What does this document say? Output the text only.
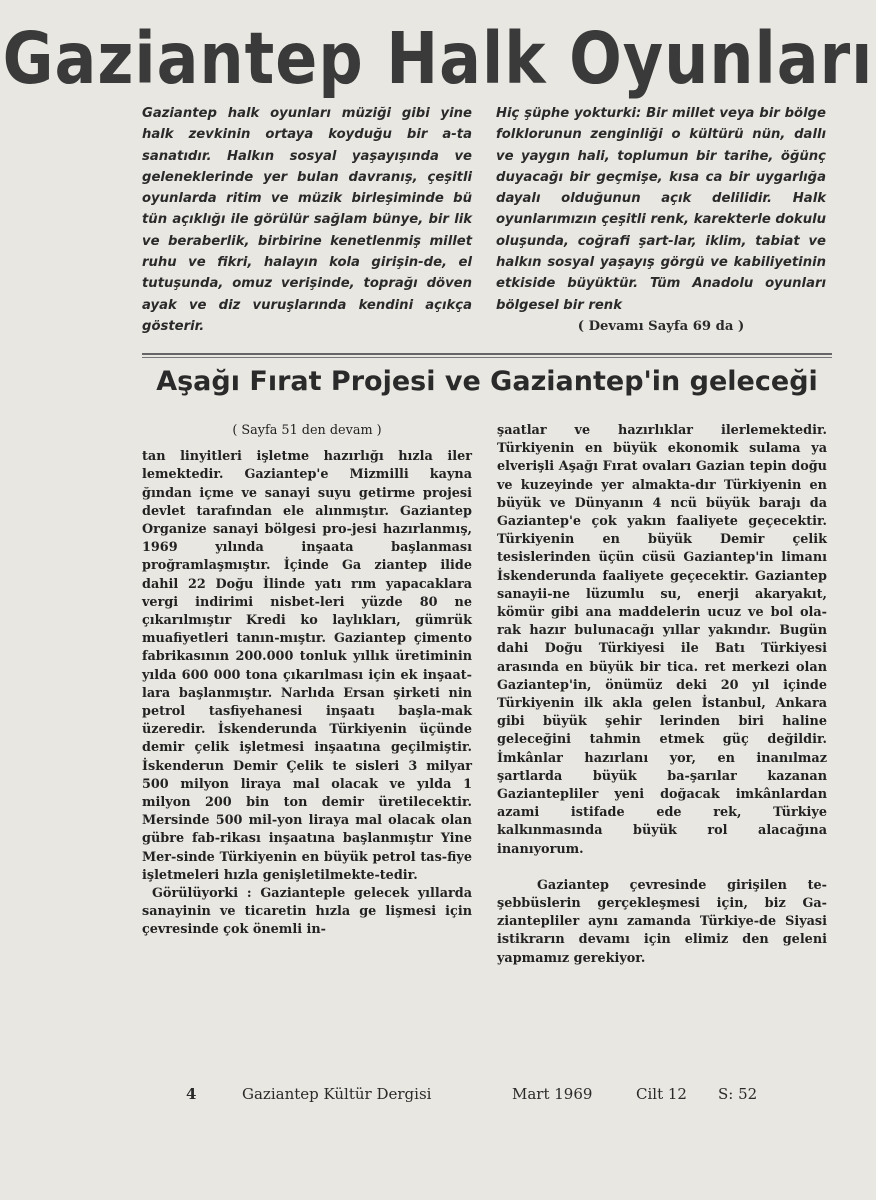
Gaziantep Halk Oyunları

Gaziantep halk oyunları müziği gibi yine halk zevkinin ortaya koyduğu bir a-ta sanatıdır. Halkın sosyal yaşayışında ve geleneklerinde yer bulan davranış, çeşitli oyunlarda ritim ve müzik birleşiminde bü tün açıklığı ile görülür sağlam bünye, bir lik ve beraberlik, birbirine kenetlenmiş millet ruhu ve fikri, halayın kola girişin-de, el tutuşunda, omuz verişinde, toprağı döven ayak ve diz vuruşlarında kendini açıkça gösterir.

Hiç şüphe yokturki: Bir millet veya bir bölge folklorunun zenginliği o kültürü nün, dallı ve yaygın hali, toplumun bir tarihe, öğünç duyacağı bir geçmişe, kısa ca bir uygarlığa dayalı olduğunun açık delilidir. Halk oyunlarımızın çeşitli renk, karekterle dokulu oluşunda, coğrafi şart-lar, iklim, tabiat ve halkın sosyal yaşayış görgü ve kabiliyetinin etkiside büyüktür. Tüm Anadolu oyunları bölgesel bir renk

( Devamı Sayfa 69 da )
Aşağı Fırat Projesi ve Gaziantep'in geleceği

( Sayfa 51 den devam )

tan linyitleri işletme hazırlığı hızla iler lemektedir. Gaziantep'e Mizmilli kayna ğından içme ve sanayi suyu getirme projesi devlet tarafından ele alınmıştır. Gaziantep Organize sanayi bölgesi pro-jesi hazırlanmış, 1969 yılında inşaata başlanması proğramlaşmıştır. İçinde Ga ziantep ilide dahil 22 Doğu İlinde yatı rım yapacaklara vergi indirimi nisbet-leri yüzde 80 ne çıkarılmıştır Kredi ko laylıkları, gümrük muafiyetleri tanın-mıştır. Gaziantep çimento fabrikasının 200.000 tonluk yıllık üretiminin yılda 600 000 tona çıkarılması için ek inşaat-lara başlanmıştır. Narlıda Ersan şirketi nin petrol tasfiyehanesi inşaatı başla-mak üzeredir. İskenderunda Türkiyenin üçünde demir çelik işletmesi inşaatına geçilmiştir. İskenderun Demir Çelik te sisleri 3 milyar 500 milyon liraya mal olacak ve yılda 1 milyon 200 bin ton demir üretilecektir. Mersinde 500 mil-yon liraya mal olacak olan gübre fab-rikası inşaatına başlanmıştır Yine Mer-sinde Türkiyenin en büyük petrol tas-fiye işletmeleri hızla genişletilmekte-tedir.

Görülüyorki : Gazianteple gelecek yıllarda sanayinin ve ticaretin hızla ge lişmesi için çevresinde çok önemli in-

şaatlar ve hazırlıklar ilerlemektedir. Türkiyenin en büyük ekonomik sulama ya elverişli Aşağı Fırat ovaları Gazian tepin doğu ve kuzeyinde yer almakta-dır Türkiyenin en büyük ve Dünyanın 4 ncü büyük barajı da Gaziantep'e çok yakın faaliyete geçecektir. Türkiyenin en büyük Demir çelik tesislerinden üçün cüsü Gaziantep'in limanı İskenderunda faaliyete geçecektir. Gaziantep sanayii-ne lüzumlu su, enerji akaryakıt, kömür gibi ana maddelerin ucuz ve bol ola-rak hazır bulunacağı yıllar yakındır. Bugün dahi Doğu Türkiyesi ile Batı Türkiyesi arasında en büyük bir tica. ret merkezi olan Gaziantep'in, önümüz deki 20 yıl içinde Türkiyenin ilk akla gelen İstanbul, Ankara gibi büyük şehir lerinden biri haline geleceğini tahmin etmek güç değildir. İmkânlar hazırlanı yor, en inanılmaz şartlarda büyük ba-şarılar kazanan Gaziantepliler yeni doğacak imkânlardan azami istifade ede rek, Türkiye kalkınmasında büyük rol alacağına inanıyorum.

Gaziantep çevresinde girişilen te-şebbüslerin gerçekleşmesi için, biz Ga-ziantepliler aynı zamanda Türkiye-de Siyasi istikrarın devamı için elimiz den geleni yapmamız gerekiyor.

4	Gaziantep Kültür Dergisi	Mart 1969	Cilt 12 S: 52
